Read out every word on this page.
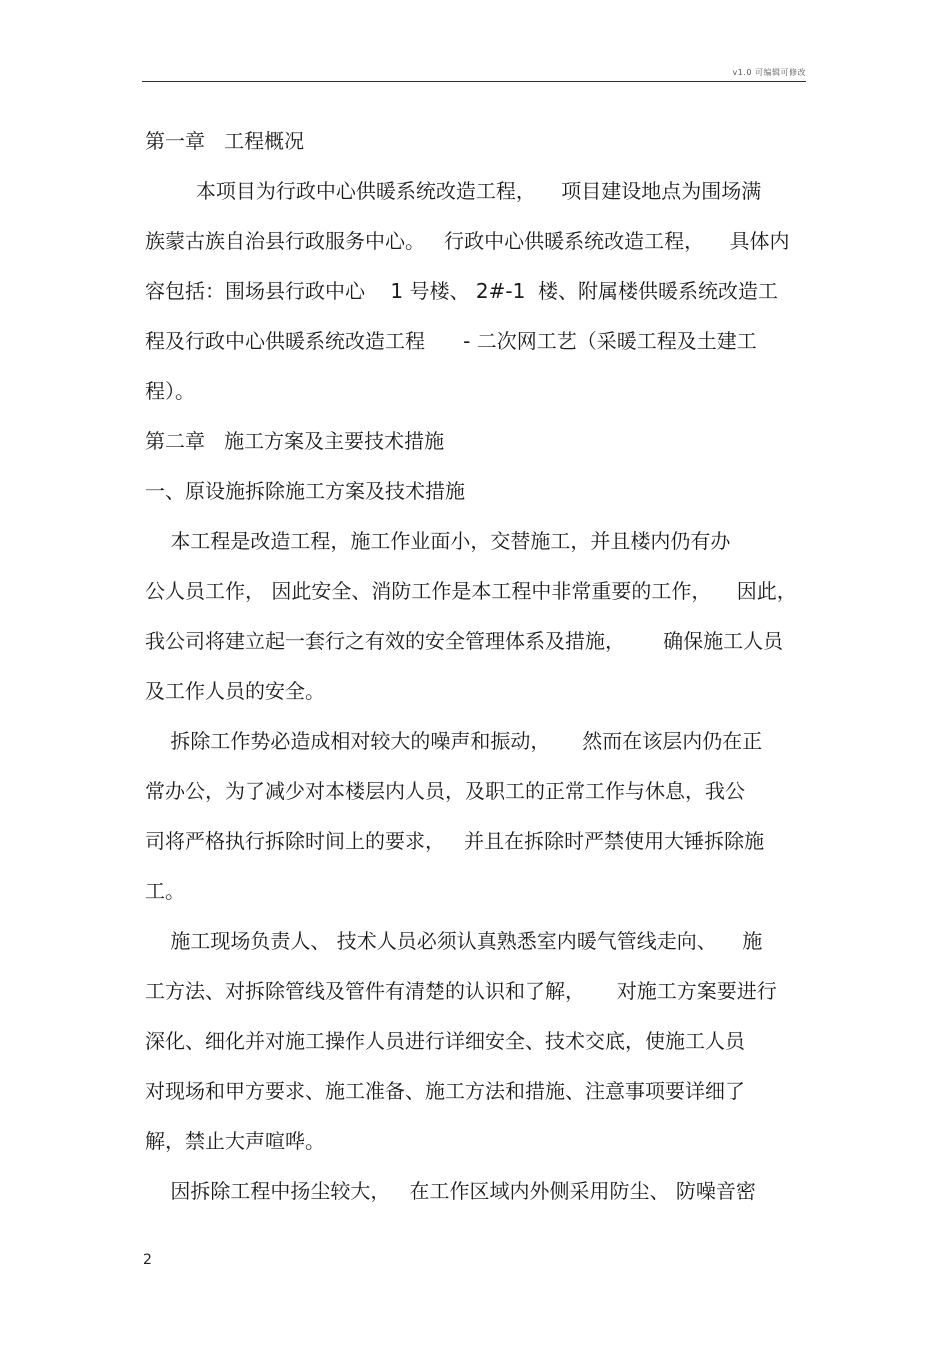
v1.0 可编辑可修改
第一章   工程概况
本项目为行政中心供暖系统改造工程，    项目建设地点为围场满
族蒙古族自治县行政服务中心。   行政中心供暖系统改造工程，    具体内
容包括：围场县行政中心    1 号楼、 2#-1  楼、附属楼供暖系统改造工
程及行政中心供暖系统改造工程      - 二次网工艺（采暖工程及土建工
程）。
第二章   施工方案及主要技术措施
一、原设施拆除施工方案及技术措施
本工程是改造工程，施工作业面小，交替施工，并且楼内仍有办
公人员工作， 因此安全、消防工作是本工程中非常重要的工作，    因此，
我公司将建立起一套行之有效的安全管理体系及措施，      确保施工人员
及工作人员的安全。
拆除工作势必造成相对较大的噪声和振动，     然而在该层内仍在正
常办公，为了减少对本楼层内人员，及职工的正常工作与休息，我公
司将严格执行拆除时间上的要求，   并且在拆除时严禁使用大锤拆除施
工。
施工现场负责人、 技术人员必须认真熟悉室内暖气管线走向、    施
工方法、对拆除管线及管件有清楚的认识和了解，     对施工方案要进行
深化、细化并对施工操作人员进行详细安全、技术交底，使施工人员
对现场和甲方要求、施工准备、施工方法和措施、注意事项要详细了
解，禁止大声喧哗。
因拆除工程中扬尘较大，   在工作区域内外侧采用防尘、 防噪音密
2
